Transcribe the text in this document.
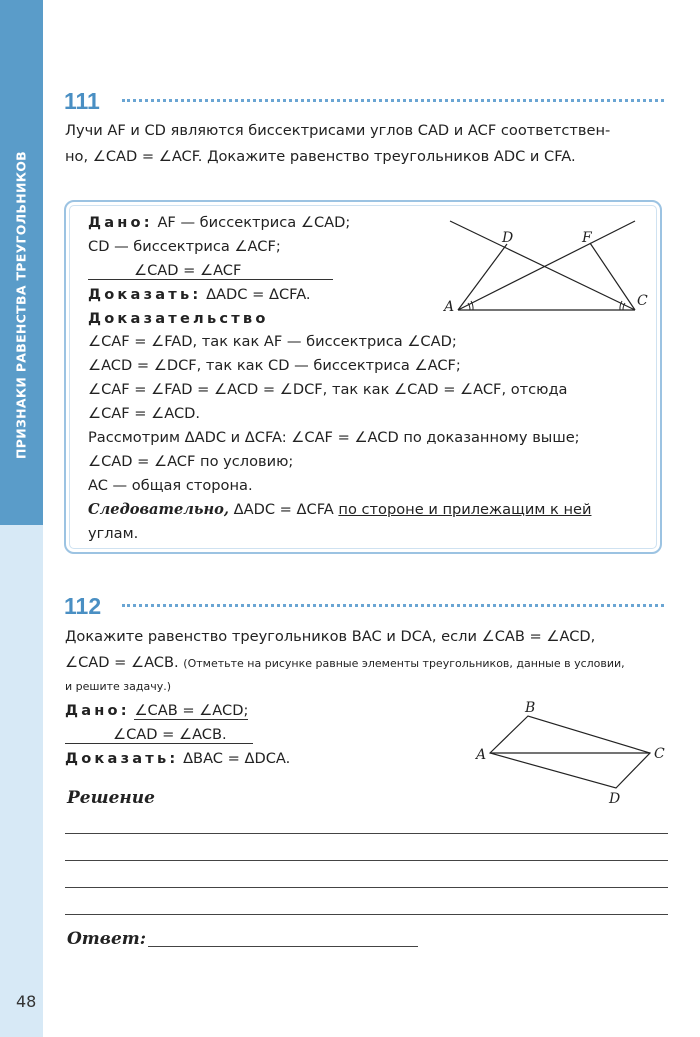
ПРИЗНАКИ РАВЕНСТВА ТРЕУГОЛЬНИКОВ
48
111
Лучи AF и CD являются биссектрисами углов CAD и ACF соответствен-
но, ∠CAD = ∠ACF. Докажите равенство треугольников ADC и CFA.
Дано: AF — биссектриса ∠CAD;
CD — биссектриса ∠ACF;
∠CAD = ∠ACF
Доказать: ΔADC = ΔCFA.
Доказательство
∠CAF = ∠FAD, так как AF — биссектриса ∠CAD;
∠ACD = ∠DCF, так как CD — биссектриса ∠ACF;
∠CAF = ∠FAD = ∠ACD = ∠DCF, так как ∠CAD = ∠ACF, отсюда
∠CAF = ∠ACD.
Рассмотрим ΔADC и ΔCFA: ∠CAF = ∠ACD по доказанному выше;
∠CAD = ∠ACF по условию;
AC — общая сторона.
Следовательно, ΔADC = ΔCFA по стороне и прилежащим к ней
углам.
A	C
D	F
112
Докажите равенство треугольников BAC и DCA, если ∠CAB = ∠ACD,
∠CAD = ∠ACB. (Отметьте на рисунке равные элементы треугольников, данные в условии,
и решите задачу.)
Дано: ∠CAB = ∠ACD;
∠CAD = ∠ACB.
Доказать: ΔBAC = ΔDCA.	A
B
C
D
Решение
Ответ:
